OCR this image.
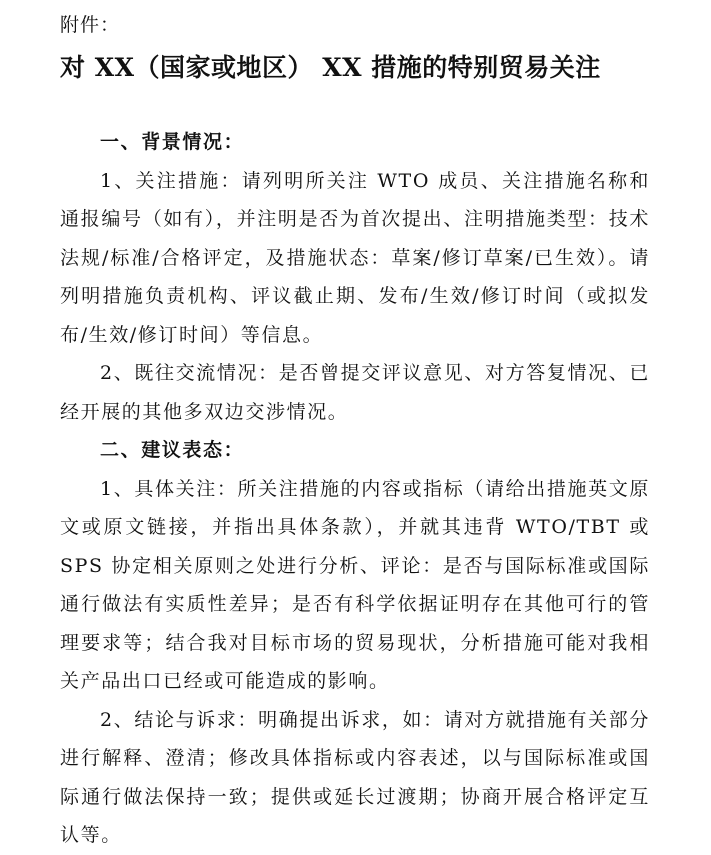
附件：
对 XX（国家或地区） XX 措施的特别贸易关注

一、背景情况：

1、关注措施：请列明所关注 WTO 成员、关注措施名称和通报编号（如有），并注明是否为首次提出、注明措施类型：技术法规/标准/合格评定，及措施状态：草案/修订草案/已生效）。请列明措施负责机构、评议截止期、发布/生效/修订时间（或拟发布/生效/修订时间）等信息。

2、既往交流情况：是否曾提交评议意见、对方答复情况、已经开展的其他多双边交涉情况。

二、建议表态：

1、具体关注：所关注措施的内容或指标（请给出措施英文原文或原文链接，并指出具体条款），并就其违背 WTO/TBT 或 SPS 协定相关原则之处进行分析、评论：是否与国际标准或国际通行做法有实质性差异；是否有科学依据证明存在其他可行的管理要求等；结合我对目标市场的贸易现状，分析措施可能对我相关产品出口已经或可能造成的影响。

2、结论与诉求：明确提出诉求，如：请对方就措施有关部分进行解释、澄清；修改具体指标或内容表述，以与国际标准或国际通行做法保持一致；提供或延长过渡期；协商开展合格评定互认等。
